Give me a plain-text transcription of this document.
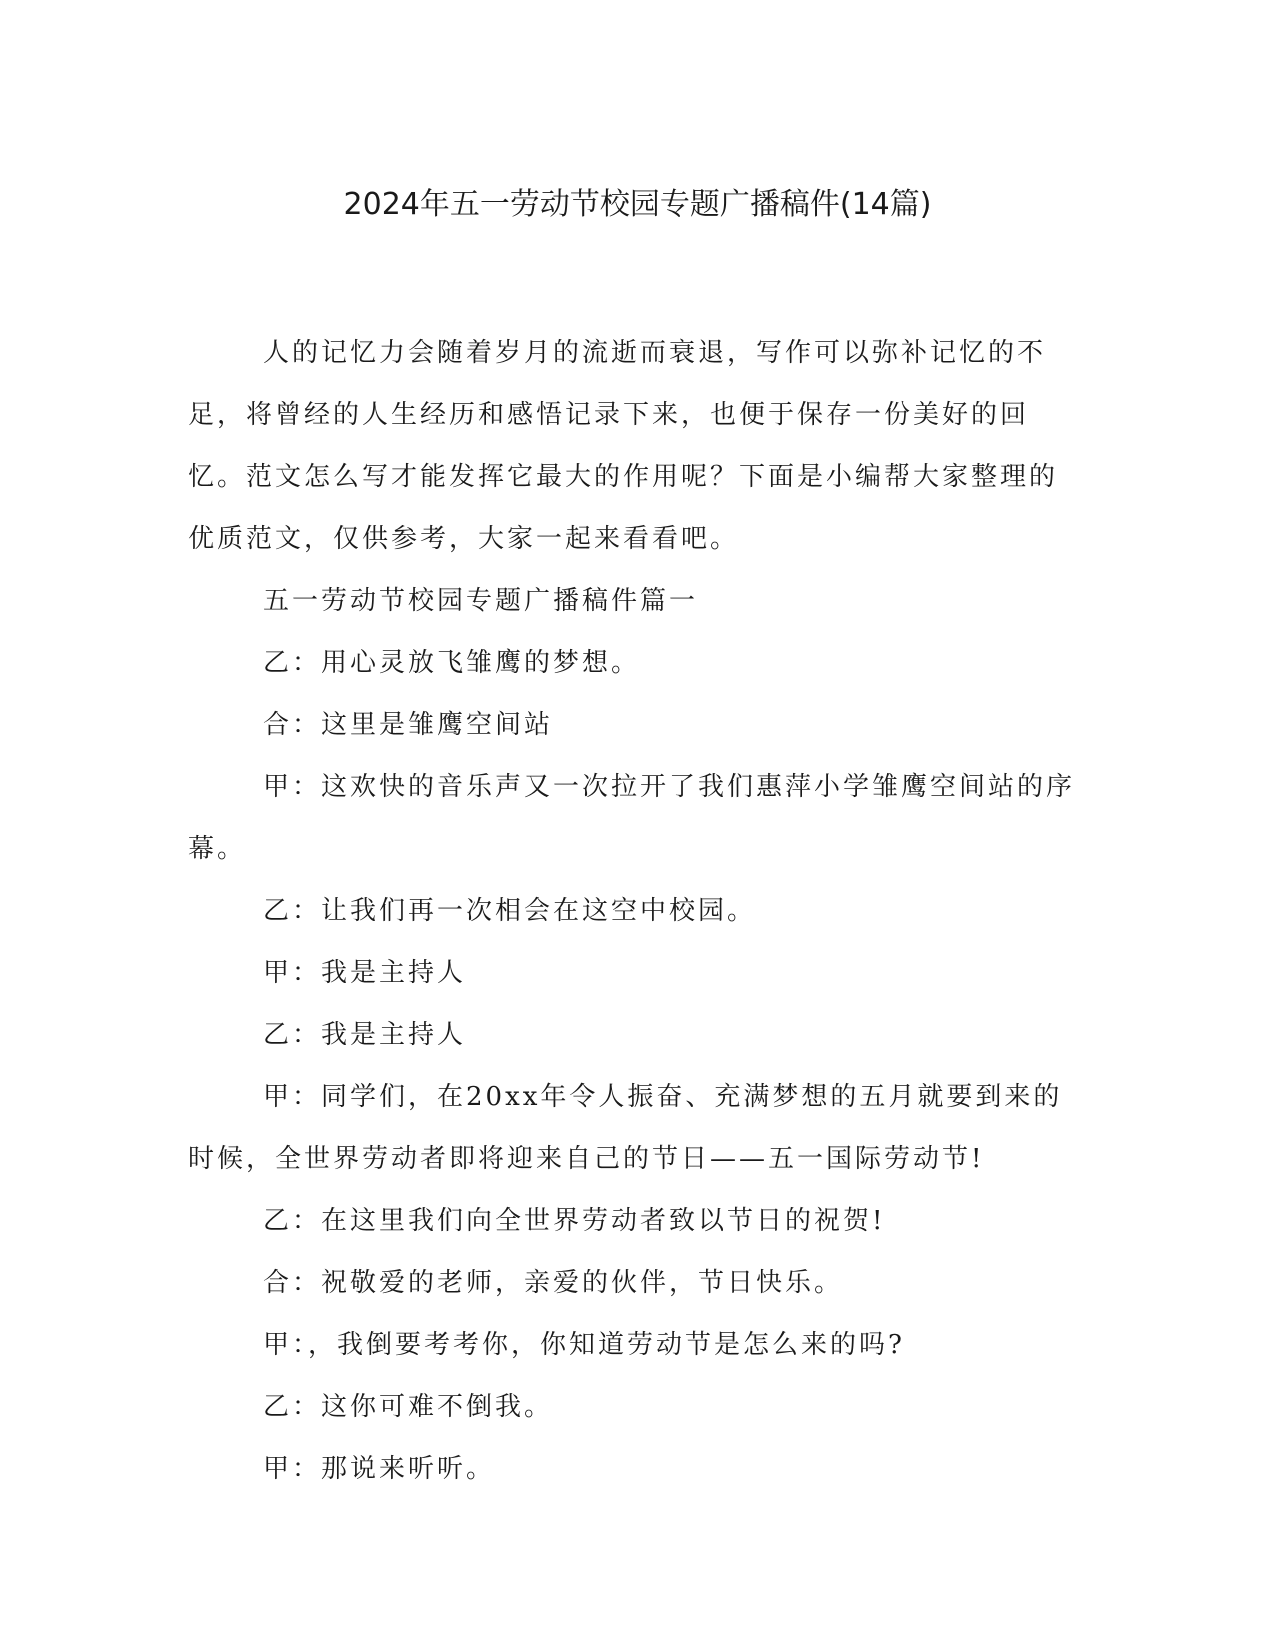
2024年五一劳动节校园专题广播稿件(14篇)

人的记忆力会随着岁月的流逝而衰退，写作可以弥补记忆的不足，将曾经的人生经历和感悟记录下来，也便于保存一份美好的回忆。范文怎么写才能发挥它最大的作用呢？下面是小编帮大家整理的优质范文，仅供参考，大家一起来看看吧。

五一劳动节校园专题广播稿件篇一

乙：用心灵放飞雏鹰的梦想。

合：这里是雏鹰空间站

甲：这欢快的音乐声又一次拉开了我们惠萍小学雏鹰空间站的序幕。

乙：让我们再一次相会在这空中校园。

甲：我是主持人

乙：我是主持人

甲：同学们，在20xx年令人振奋、充满梦想的五月就要到来的时候，全世界劳动者即将迎来自己的节日——五一国际劳动节!

乙：在这里我们向全世界劳动者致以节日的祝贺!

合：祝敬爱的老师，亲爱的伙伴，节日快乐。

甲：，我倒要考考你，你知道劳动节是怎么来的吗?

乙：这你可难不倒我。

甲：那说来听听。
